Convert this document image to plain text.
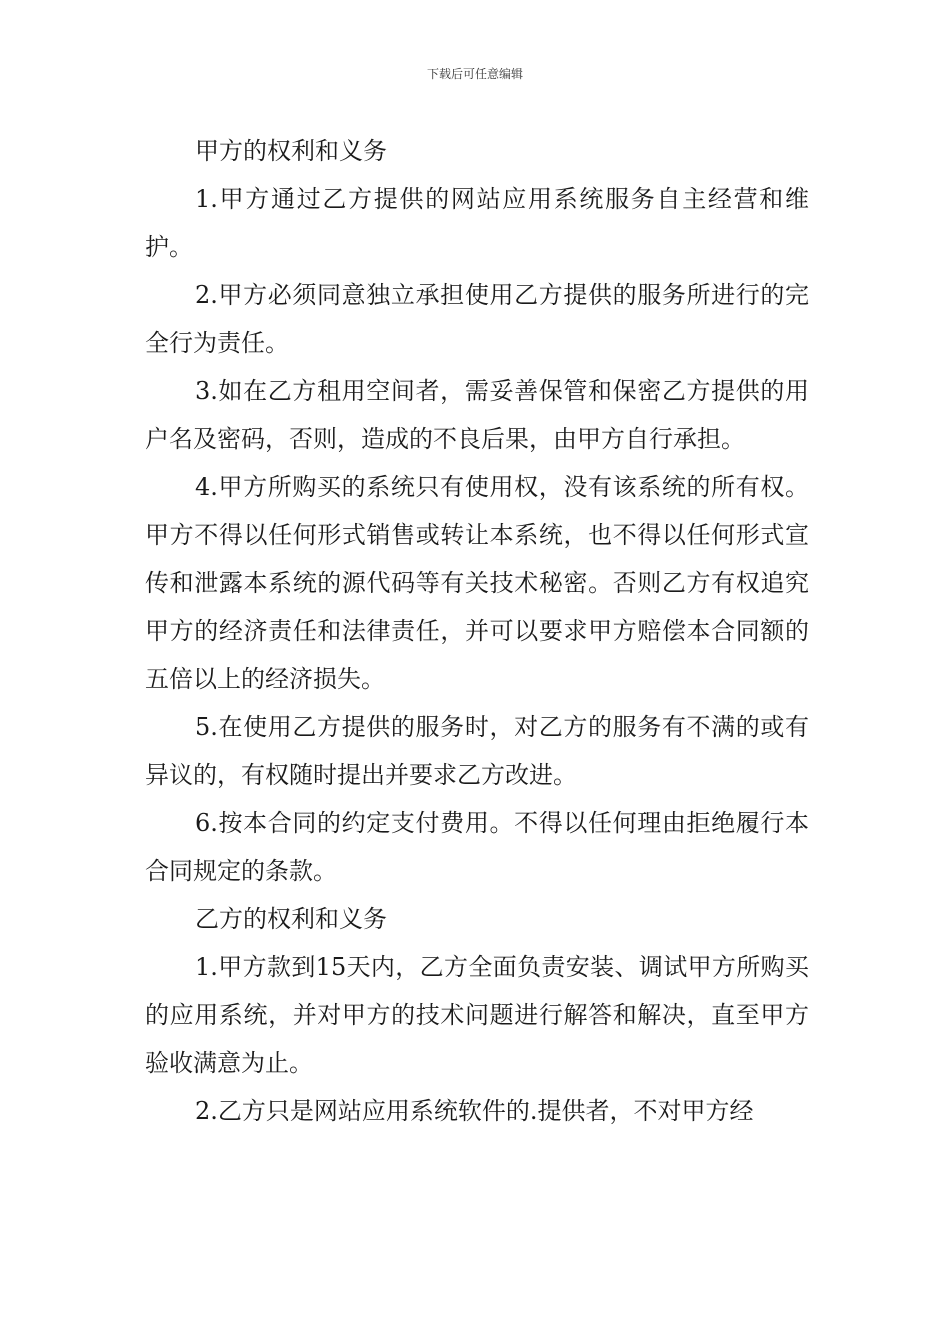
下载后可任意编辑

甲方的权利和义务

1.甲方通过乙方提供的网站应用系统服务自主经营和维护。

2.甲方必须同意独立承担使用乙方提供的服务所进行的完全行为责任。

3.如在乙方租用空间者，需妥善保管和保密乙方提供的用户名及密码，否则，造成的不良后果，由甲方自行承担。

4.甲方所购买的系统只有使用权，没有该系统的所有权。甲方不得以任何形式销售或转让本系统，也不得以任何形式宣传和泄露本系统的源代码等有关技术秘密。否则乙方有权追究甲方的经济责任和法律责任，并可以要求甲方赔偿本合同额的五倍以上的经济损失。

5.在使用乙方提供的服务时，对乙方的服务有不满的或有异议的，有权随时提出并要求乙方改进。

6.按本合同的约定支付费用。不得以任何理由拒绝履行本合同规定的条款。

乙方的权利和义务

1.甲方款到15天内，乙方全面负责安装、调试甲方所购买的应用系统，并对甲方的技术问题进行解答和解决，直至甲方验收满意为止。

2.乙方只是网站应用系统软件的.提供者，不对甲方经
